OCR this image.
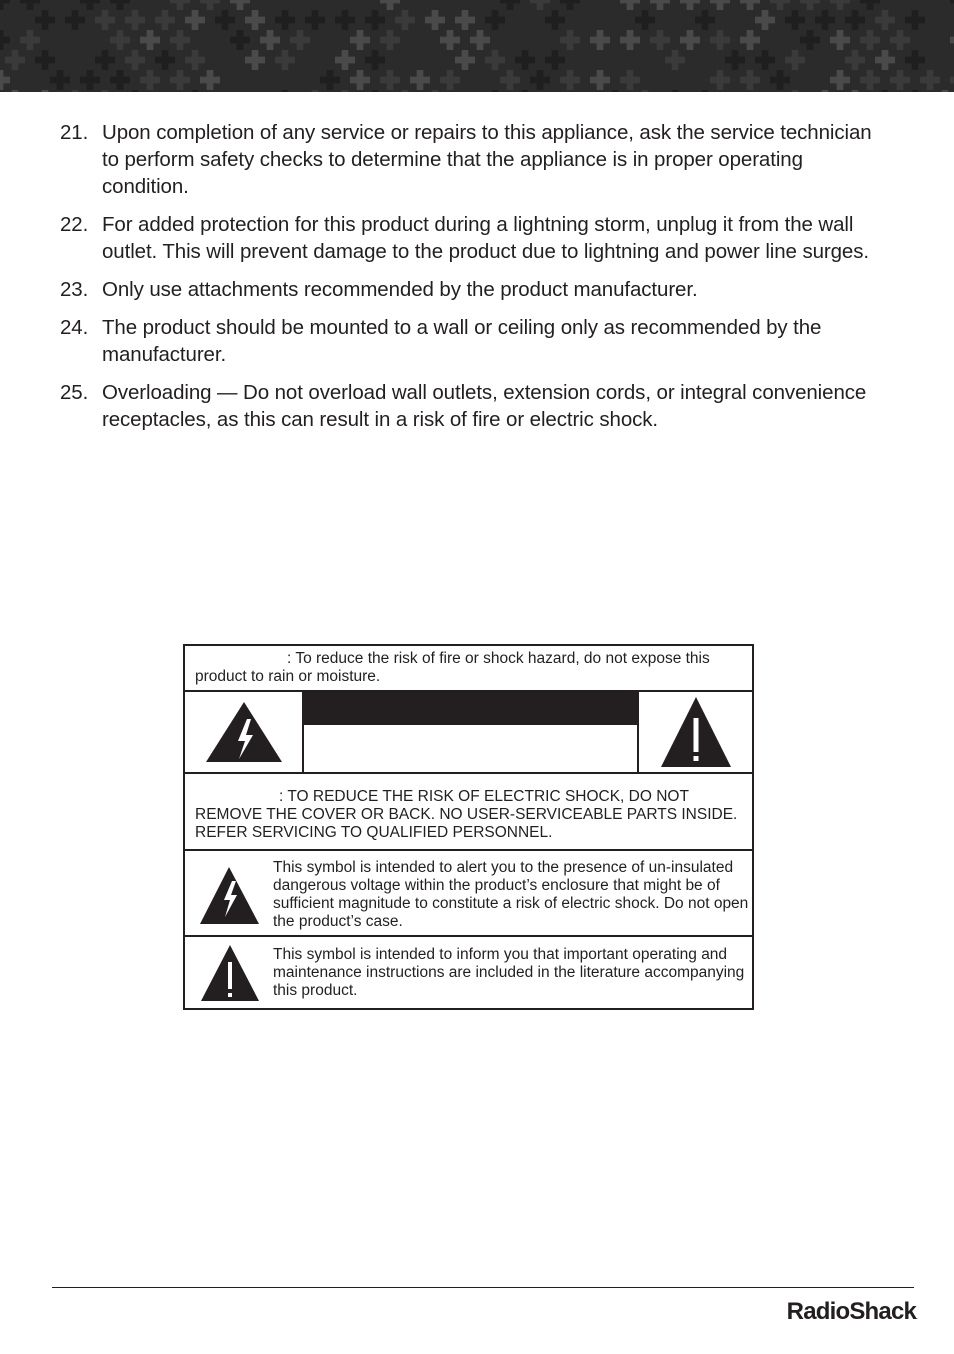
21. Upon completion of any service or repairs to this appliance, ask the service technician to perform safety checks to determine that the appliance is in proper operating condition.
22. For added protection for this product during a lightning storm, unplug it from the wall outlet. This will prevent damage to the product due to lightning and power line surges.
23. Only use attachments recommended by the product manufacturer.
24. The product should be mounted to a wall or ceiling only as recommended by the manufacturer.
25. Overloading — Do not overload wall outlets, extension cords, or integral convenience receptacles, as this can result in a risk of fire or electric shock.
: To reduce the risk of fire or shock hazard, do not expose this product to rain or moisture.
: TO REDUCE THE RISK OF ELECTRIC SHOCK, DO NOT REMOVE THE COVER OR BACK. NO USER-SERVICEABLE PARTS INSIDE. REFER SERVICING TO QUALIFIED PERSONNEL.
This symbol is intended to alert you to the presence of un-insulated dangerous voltage within the product’s enclosure that might be of sufficient magnitude to constitute a risk of electric shock. Do not open the product’s case.
This symbol is intended to inform you that important operating and maintenance instructions are included in the literature accompanying this product.
RadioShack.
